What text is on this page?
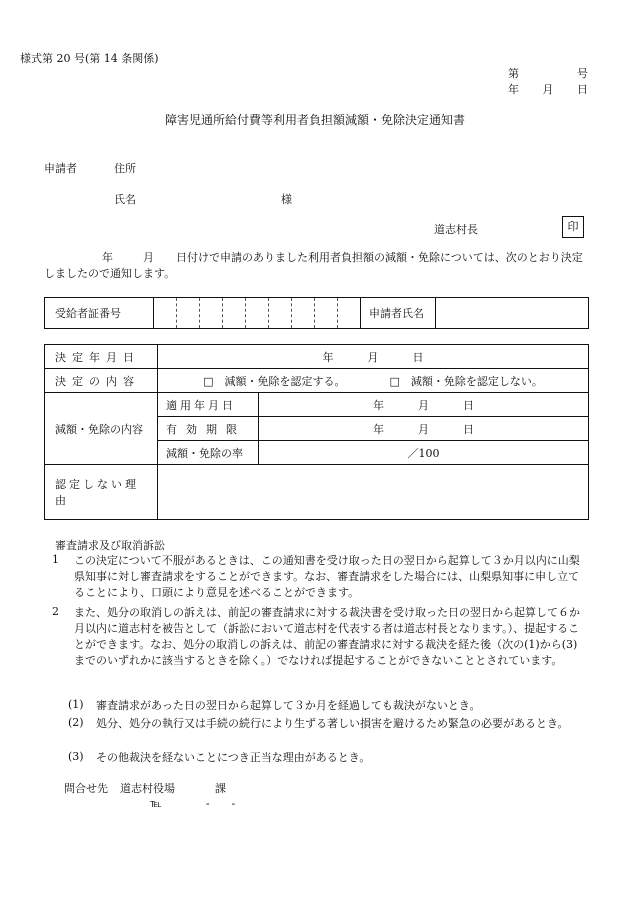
様式第 20 号(第 14 条関係)
第	号
年 月 日
障害児通所給付費等利用者負担額減額・免除決定通知書
申請者	住所
氏名	様
道志村長	印
年	月 日付けで申請のありました利用者負担額の減額・免除については、次のとおり決定しましたので通知します。
受給者証番号										申請者氏名	
決定年月日	年 月 日	
決定の内容	□　減額・免除を認定する。 □　減額・免除を認定しない。	
減額・免除の内容	適用年月日	年 月 日
	有効期限	年 月 日
	減額・免除の率	／100
認定しない理由		
審査請求及び取消訴訟
1 この決定について不服があるときは、この通知書を受け取った日の翌日から起算して３か月以内に山梨県知事に対し審査請求をすることができます。なお、審査請求をした場合には、山梨県知事に申し立てることにより、口頭により意見を述べることができます。
2 また、処分の取消しの訴えは、前記の審査請求に対する裁決書を受け取った日の翌日から起算して６か月以内に道志村を被告として（訴訟において道志村を代表する者は道志村長となります。）、提起することができます。なお、処分の取消しの訴えは、前記の審査請求に対する裁決を経た後（次の(1)から(3)までのいずれかに該当するときを除く。）でなければ提起することができないこととされています。
(1) 審査請求があった日の翌日から起算して３か月を経過しても裁決がないとき。
(2) 処分、処分の執行又は手続の続行により生ずる著しい損害を避けるため緊急の必要があるとき。
(3) その他裁決を経ないことにつき正当な理由があるとき。
問合せ先 道志村役場	課
℡	- -
